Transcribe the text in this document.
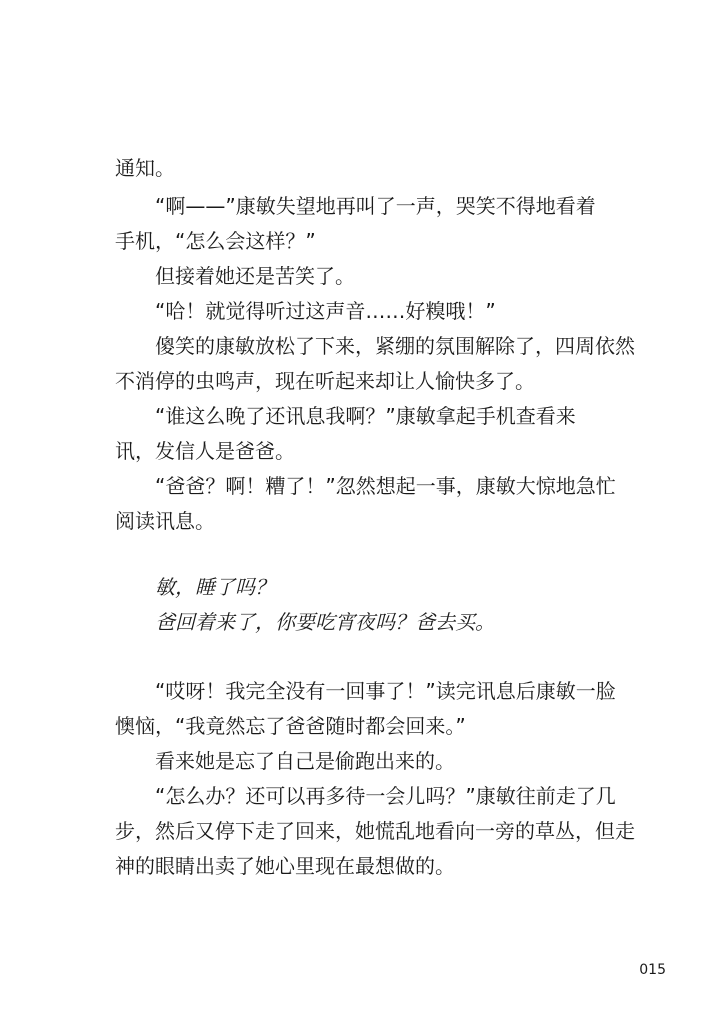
通知。
“啊——”康敏失望地再叫了一声，哭笑不得地看着
手机，“怎么会这样？”
但接着她还是苦笑了。
“哈！就觉得听过这声音……好糗哦！”
傻笑的康敏放松了下来，紧绷的氛围解除了，四周依然
不消停的虫鸣声，现在听起来却让人愉快多了。
“谁这么晚了还讯息我啊？”康敏拿起手机查看来
讯，发信人是爸爸。
“爸爸？啊！糟了！”忽然想起一事，康敏大惊地急忙
阅读讯息。
敏，睡了吗？
爸回着来了，你要吃宵夜吗？爸去买。
“哎呀！我完全没有一回事了！”读完讯息后康敏一脸
懊恼，“我竟然忘了爸爸随时都会回来。”
看来她是忘了自己是偷跑出来的。
“怎么办？还可以再多待一会儿吗？”康敏往前走了几
步，然后又停下走了回来，她慌乱地看向一旁的草丛，但走
神的眼睛出卖了她心里现在最想做的。
015
